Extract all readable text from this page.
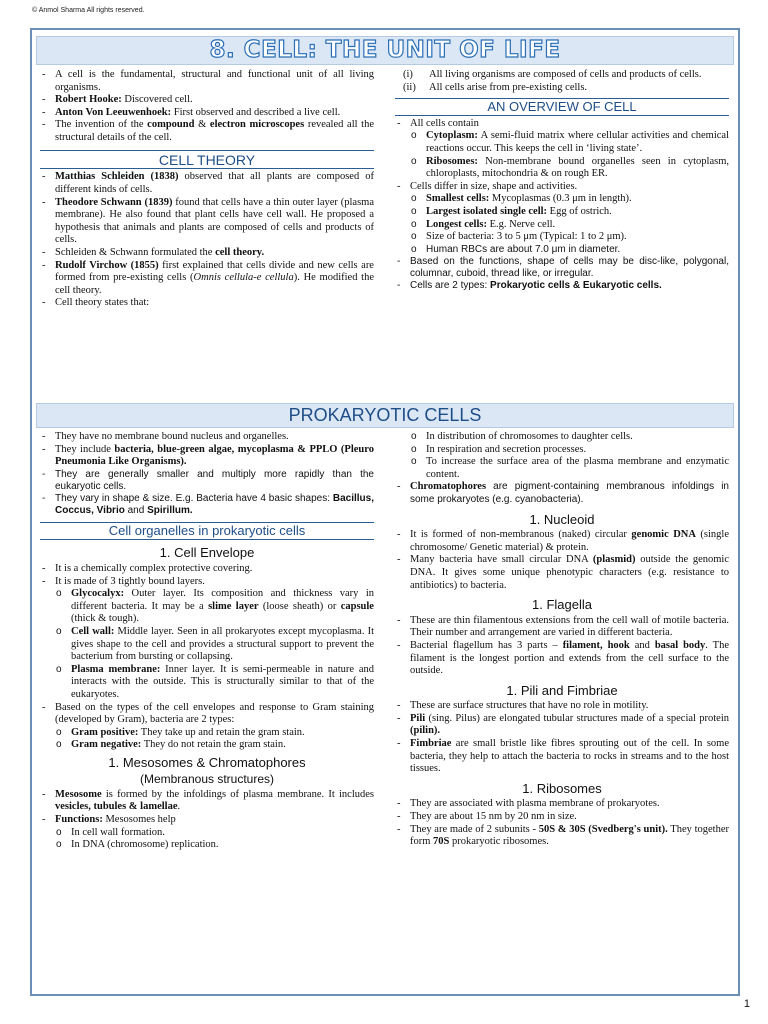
© Anmol Sharma All rights reserved.
8. CELL: THE UNIT OF LIFE

- A cell is the fundamental, structural and functional unit of all living organisms.

- Robert Hooke: Discovered cell.

- Anton Von Leeuwenhoek: First observed and described a live cell.

- The invention of the compound & electron microscopes revealed all the structural details of the cell.

CELL THEORY

- Matthias Schleiden (1838) observed that all plants are composed of different kinds of cells.

- Theodore Schwann (1839) found that cells have a thin outer layer (plasma membrane). He also found that plant cells have cell wall. He proposed a hypothesis that animals and plants are composed of cells and products of cells.

- Schleiden & Schwann formulated the cell theory.

- Rudolf Virchow (1855) first explained that cells divide and new cells are formed from pre-existing cells (Omnis cellula-e cellula). He modified the cell theory.

- Cell theory states that:

(i) All living organisms are composed of cells and products of cells.

(ii) All cells arise from pre-existing cells.

AN OVERVIEW OF CELL

- All cells contain

o Cytoplasm: A semi-fluid matrix where cellular activities and chemical reactions occur. This keeps the cell in ‘living state’.

o Ribosomes: Non-membrane bound organelles seen in cytoplasm, chloroplasts, mitochondria & on rough ER.

- Cells differ in size, shape and activities.

o Smallest cells: Mycoplasmas (0.3 μm in length).

o Largest isolated single cell: Egg of ostrich.

o Longest cells: E.g. Nerve cell.

o Size of bacteria: 3 to 5 μm (Typical: 1 to 2 μm).

o Human RBCs are about 7.0 μm in diameter.

- Based on the functions, shape of cells may be disc-like, polygonal, columnar, cuboid, thread like, or irregular.

- Cells are 2 types: Prokaryotic cells & Eukaryotic cells.

PROKARYOTIC CELLS

- They have no membrane bound nucleus and organelles.

- They include bacteria, blue-green algae, mycoplasma & PPLO (Pleuro Pneumonia Like Organisms).

- They are generally smaller and multiply more rapidly than the eukaryotic cells.

- They vary in shape & size. E.g. Bacteria have 4 basic shapes: Bacillus, Coccus, Vibrio and Spirillum.

Cell organelles in prokaryotic cells
1. Cell Envelope

- It is a chemically complex protective covering.

- It is made of 3 tightly bound layers.

o Glycocalyx: Outer layer. Its composition and thickness vary in different bacteria. It may be a slime layer (loose sheath) or capsule (thick & tough).

o Cell wall: Middle layer. Seen in all prokaryotes except mycoplasma. It gives shape to the cell and provides a structural support to prevent the bacterium from bursting or collapsing.

o Plasma membrane: Inner layer. It is semi-permeable in nature and interacts with the outside. This is structurally similar to that of the eukaryotes.

- Based on the types of the cell envelopes and response to Gram staining (developed by Gram), bacteria are 2 types:

o Gram positive: They take up and retain the gram stain.

o Gram negative: They do not retain the gram stain.

1. Mesosomes & Chromatophores
(Membranous structures)

- Mesosome is formed by the infoldings of plasma membrane. It includes vesicles, tubules & lamellae.

- Functions: Mesosomes help

o In cell wall formation.

o In DNA (chromosome) replication.

o In distribution of chromosomes to daughter cells.

o In respiration and secretion processes.

o To increase the surface area of the plasma membrane and enzymatic content.

- Chromatophores are pigment-containing membranous infoldings in some prokaryotes (e.g. cyanobacteria).

1. Nucleoid

- It is formed of non-membranous (naked) circular genomic DNA (single chromosome/ Genetic material) & protein.

- Many bacteria have small circular DNA (plasmid) outside the genomic DNA. It gives some unique phenotypic characters (e.g. resistance to antibiotics) to bacteria.

1. Flagella

- These are thin filamentous extensions from the cell wall of motile bacteria. Their number and arrangement are varied in different bacteria.

- Bacterial flagellum has 3 parts – filament, hook and basal body. The filament is the longest portion and extends from the cell surface to the outside.

1. Pili and Fimbriae

- These are surface structures that have no role in motility.

- Pili (sing. Pilus) are elongated tubular structures made of a special protein (pilin).

- Fimbriae are small bristle like fibres sprouting out of the cell. In some bacteria, they help to attach the bacteria to rocks in streams and to the host tissues.

1. Ribosomes

- They are associated with plasma membrane of prokaryotes.

- They are about 15 nm by 20 nm in size.

- They are made of 2 subunits - 50S & 30S (Svedberg's unit). They together form 70S prokaryotic ribosomes.

1
